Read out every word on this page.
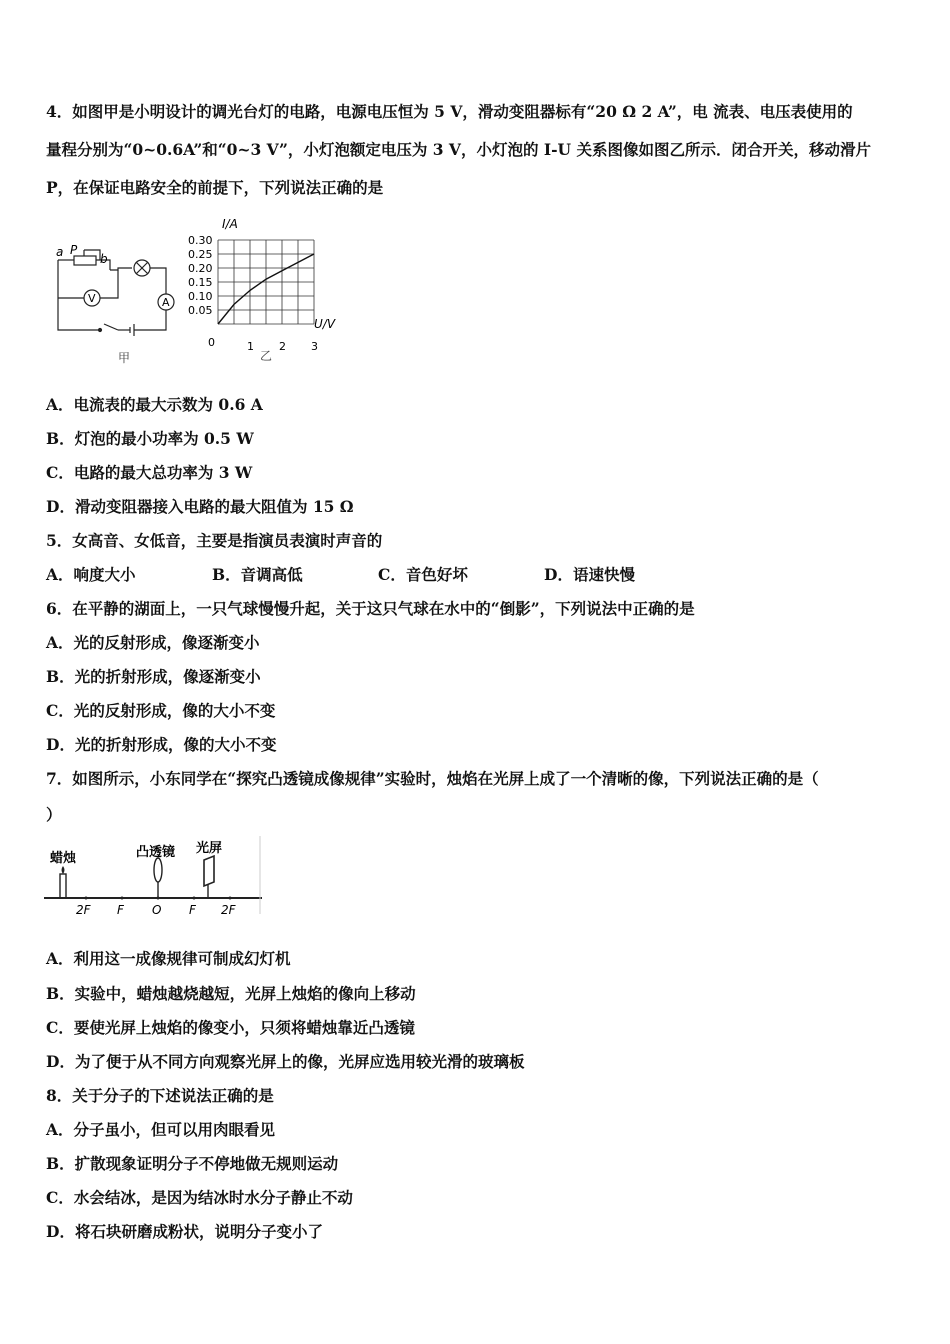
4．如图甲是小明设计的调光台灯的电路，电源电压恒为 5 V，滑动变阻器标有“20 Ω 2 A”，电 流表、电压表使用的
量程分别为“0~0.6A”和“0~3 V”，小灯泡额定电压为 3 V，小灯泡的 I-U 关系图像如图乙所示．闭合开关，移动滑片
P，在保证电路安全的前提下，下列说法正确的是
a P
b
V	A
甲
0.30
0.25
0.20
0.15
0.10
0.05
0	1 2 3
I/A
U/V
乙
A．电流表的最大示数为 0.6 A
B．灯泡的最小功率为 0.5 W
C．电路的最大总功率为 3 W
D．滑动变阻器接入电路的最大阻值为 15 Ω
5．女高音、女低音，主要是指演员表演时声音的
A．响度大小	B．音调高低	C．音色好坏	D．语速快慢
6．在平静的湖面上，一只气球慢慢升起，关于这只气球在水中的“倒影”，下列说法中正确的是
A．光的反射形成，像逐渐变小
B．光的折射形成，像逐渐变小
C．光的反射形成，像的大小不变
D．光的折射形成，像的大小不变
7．如图所示，小东同学在“探究凸透镜成像规律”实验时，烛焰在光屏上成了一个清晰的像，下列说法正确的是（
）
蜡烛	凸透镜 光屏
2F F O F 2F
A．利用这一成像规律可制成幻灯机
B．实验中，蜡烛越烧越短，光屏上烛焰的像向上移动
C．要使光屏上烛焰的像变小，只须将蜡烛靠近凸透镜
D．为了便于从不同方向观察光屏上的像，光屏应选用较光滑的玻璃板
8．关于分子的下述说法正确的是
A．分子虽小，但可以用肉眼看见
B．扩散现象证明分子不停地做无规则运动
C．水会结冰，是因为结冰时水分子静止不动
D．将石块研磨成粉状，说明分子变小了
